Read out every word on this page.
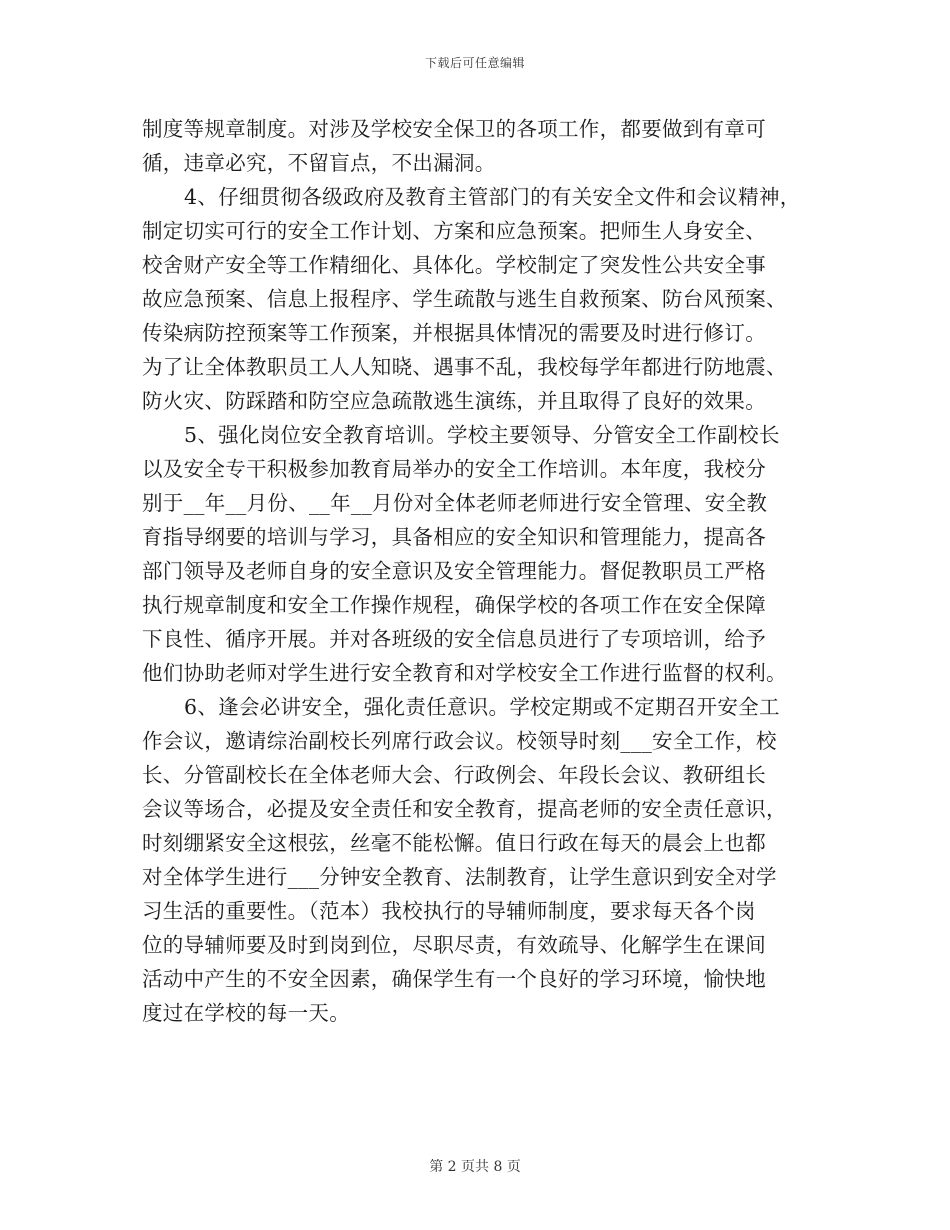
下载后可任意编辑
制度等规章制度。对涉及学校安全保卫的各项工作，都要做到有章可
循，违章必究，不留盲点，不出漏洞。
4、仔细贯彻各级政府及教育主管部门的有关安全文件和会议精神，
制定切实可行的安全工作计划、方案和应急预案。把师生人身安全、
校舍财产安全等工作精细化、具体化。学校制定了突发性公共安全事
故应急预案、信息上报程序、学生疏散与逃生自救预案、防台风预案、
传染病防控预案等工作预案，并根据具体情况的需要及时进行修订。
为了让全体教职员工人人知晓、遇事不乱，我校每学年都进行防地震、
防火灾、防踩踏和防空应急疏散逃生演练，并且取得了良好的效果。
5、强化岗位安全教育培训。学校主要领导、分管安全工作副校长
以及安全专干积极参加教育局举办的安全工作培训。本年度，我校分
别于__年__月份、__年__月份对全体老师老师进行安全管理、安全教
育指导纲要的培训与学习，具备相应的安全知识和管理能力，提高各
部门领导及老师自身的安全意识及安全管理能力。督促教职员工严格
执行规章制度和安全工作操作规程，确保学校的各项工作在安全保障
下良性、循序开展。并对各班级的安全信息员进行了专项培训，给予
他们协助老师对学生进行安全教育和对学校安全工作进行监督的权利。
6、逢会必讲安全，强化责任意识。学校定期或不定期召开安全工
作会议，邀请综治副校长列席行政会议。校领导时刻___安全工作，校
长、分管副校长在全体老师大会、行政例会、年段长会议、教研组长
会议等场合，必提及安全责任和安全教育，提高老师的安全责任意识，
时刻绷紧安全这根弦，丝毫不能松懈。值日行政在每天的晨会上也都
对全体学生进行___分钟安全教育、法制教育，让学生意识到安全对学
习生活的重要性。（范本）我校执行的导辅师制度，要求每天各个岗
位的导辅师要及时到岗到位，尽职尽责，有效疏导、化解学生在课间
活动中产生的不安全因素，确保学生有一个良好的学习环境，愉快地
度过在学校的每一天。
第 2 页共 8 页
